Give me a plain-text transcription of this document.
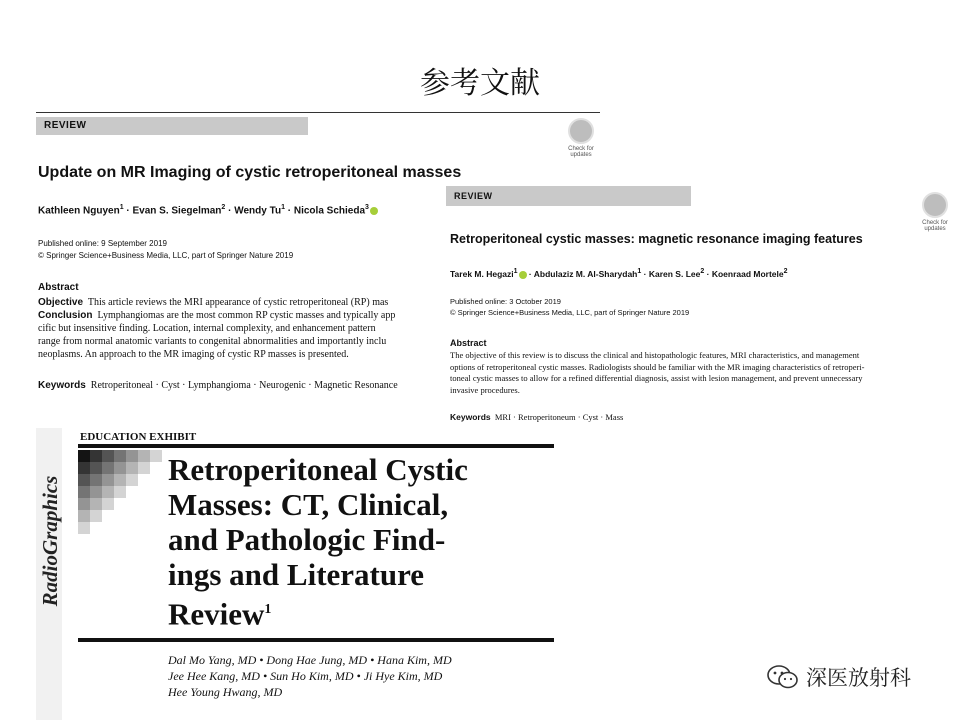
参考文献
REVIEW
Check for updates
Update on MR Imaging of cystic retroperitoneal masses
Kathleen Nguyen$^1$ · Evan S. Siegelman$^2$ · Wendy $Tu^1$ · Nicola Schieda$^3$
Published online: 9 September 2019
© Springer Science+Business Media, LLC, part of Springer Nature 2019
Abstract
Objective This article reviews the MRI appearance of cystic retroperitoneal (RP) mas
Conclusion Lymphangiomas are the most common RP cystic masses and typically app
cific but insensitive finding. Location, internal complexity, and enhancement pattern
range from normal anatomic variants to congenital abnormalities and importantly inclu
neoplasms. An approach to the MR imaging of cystic RP masses is presented.
Keywords Retroperitoneal · Cyst · Lymphangioma · Neurogenic · Magnetic Resonance
REVIEW
Check for updates
Retroperitoneal cystic masses: magnetic resonance imaging features
Tarek M. Hegazi$^1$ · Abdulaziz M. Al-Sharydah$^1$ · Karen S. Lee$^2$ · Koenraad Mortele$^2$
Published online: 3 October 2019
© Springer Science+Business Media, LLC, part of Springer Nature 2019
Abstract
The objective of this review is to discuss the clinical and histopathologic features, MRI characteristics, and management
options of retroperitoneal cystic masses. Radiologists should be familiar with the MR imaging characteristics of retroperi-
toneal cystic masses to allow for a refined differential diagnosis, assist with lesion management, and prevent unnecessary
invasive procedures.
Keywords MRI · Retroperitoneum · Cyst · Mass
RadioGraphics
EDUCATION EXHIBIT
Retroperitoneal Cystic
Masses: CT, Clinical,
and Pathologic Find-
ings and Literature
Review$^1$
Dal Mo Yang, MD • Dong Hae Jung, MD • Hana Kim, MD
Jee Hee Kang, MD • Sun Ho Kim, MD • Ji Hye Kim, MD
Hee Young Hwang, MD
深医放射科
